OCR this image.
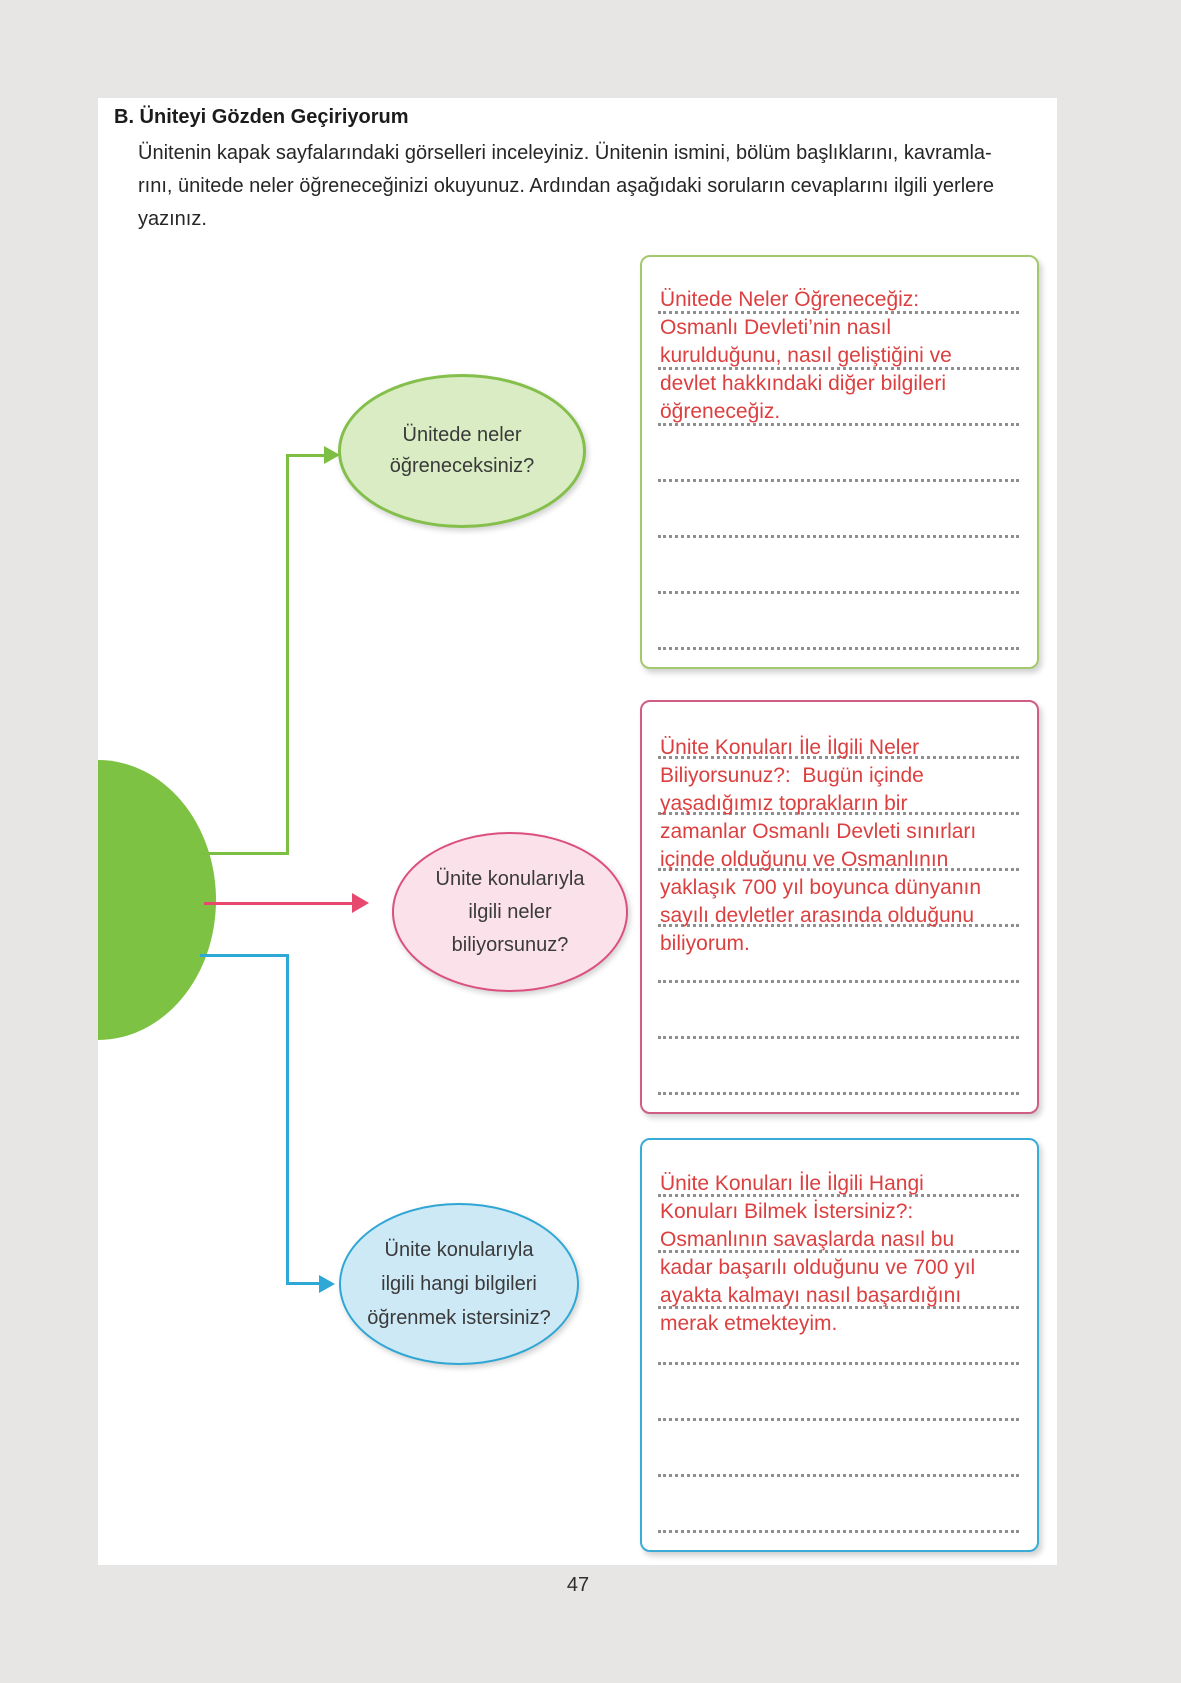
B. Üniteyi Gözden Geçiriyorum
Ünitenin kapak sayfalarındaki görselleri inceleyiniz. Ünitenin ismini, bölüm başlıklarını, kavramla-
rını, ünitede neler öğreneceğinizi okuyunuz. Ardından aşağıdaki soruların cevaplarını ilgili yerlere
yazınız.
Ünitede neler
öğreneceksiniz?
Ünite konularıyla
ilgili neler
biliyorsunuz?
Ünite konularıyla
ilgili hangi bilgileri
öğrenmek istersiniz?
Ünitede Neler Öğreneceğiz:
Osmanlı Devleti’nin nasıl
kurulduğunu, nasıl geliştiğini ve
devlet hakkındaki diğer bilgileri
öğreneceğiz.
Ünite Konuları İle İlgili Neler
Biliyorsunuz?:  Bugün içinde
yaşadığımız toprakların bir
zamanlar Osmanlı Devleti sınırları
içinde olduğunu ve Osmanlının
yaklaşık 700 yıl boyunca dünyanın
sayılı devletler arasında olduğunu
biliyorum.
Ünite Konuları İle İlgili Hangi
Konuları Bilmek İstersiniz?:
Osmanlının savaşlarda nasıl bu
kadar başarılı olduğunu ve 700 yıl
ayakta kalmayı nasıl başardığını
merak etmekteyim.
47
